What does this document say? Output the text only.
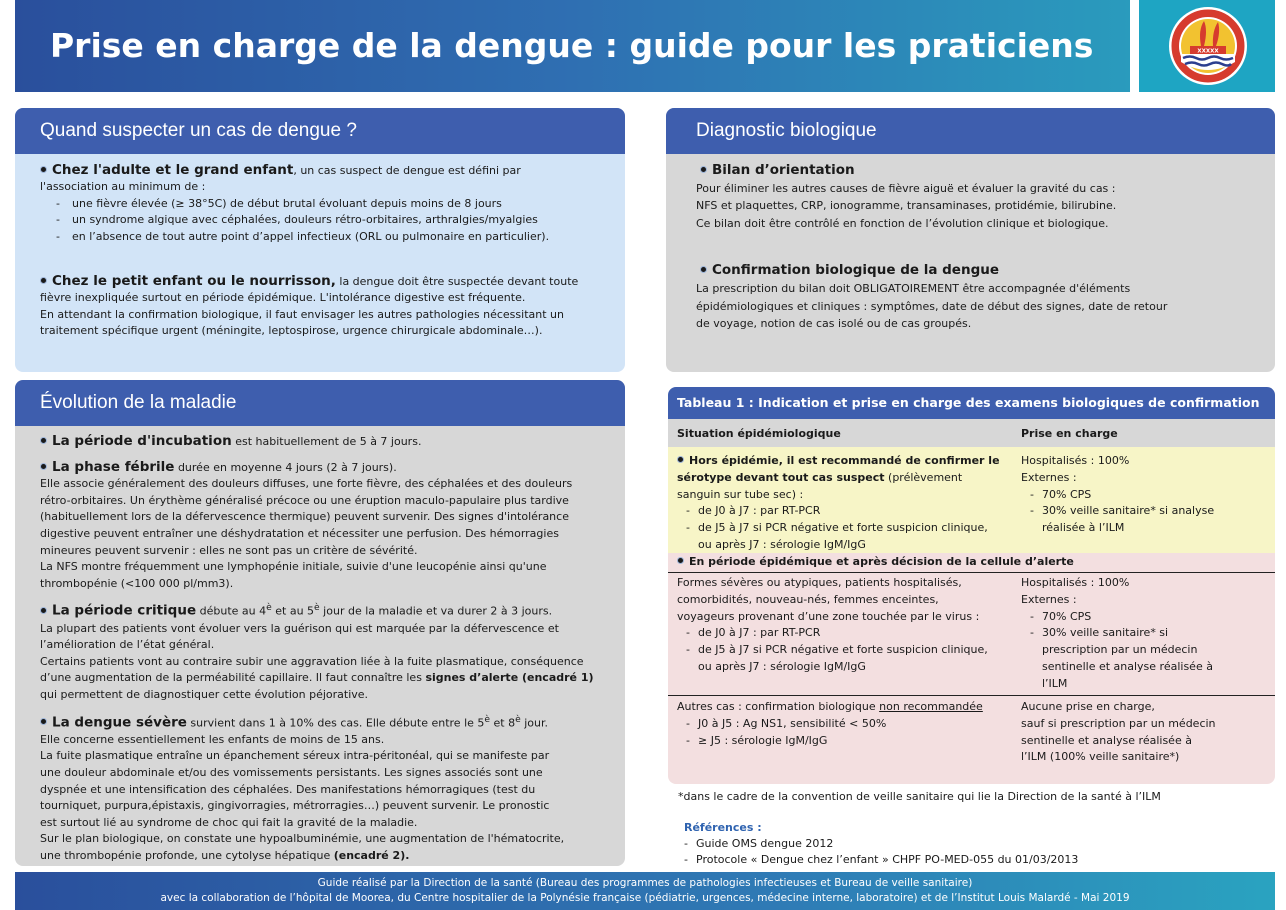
Prise en charge de la dengue : guide pour les praticiens	XXXXX
Quand suspecter un cas de dengue ?
Chez l'adulte et le grand enfant, un cas suspect de dengue est défini par
l'association au minimum de :
- une fièvre élevée (≥ 38°5C) de début brutal évoluant depuis moins de 8 jours
- un syndrome algique avec céphalées, douleurs rétro-orbitaires, arthralgies/myalgies
- en l’absence de tout autre point d’appel infectieux (ORL ou pulmonaire en particulier).
Chez le petit enfant ou le nourrisson, la dengue doit être suspectée devant toute
fièvre inexpliquée surtout en période épidémique. L'intolérance digestive est fréquente.
En attendant la confirmation biologique, il faut envisager les autres pathologies nécessitant un
traitement spécifique urgent (méningite, leptospirose, urgence chirurgicale abdominale…).
Évolution de la maladie
La période d'incubation est habituellement de 5 à 7 jours.
La phase fébrile durée en moyenne 4 jours (2 à 7 jours).
Elle associe généralement des douleurs diffuses, une forte fièvre, des céphalées et des douleurs
rétro-orbitaires. Un érythème généralisé précoce ou une éruption maculo-papulaire plus tardive
(habituellement lors de la défervescence thermique) peuvent survenir. Des signes d'intolérance
digestive peuvent entraîner une déshydratation et nécessiter une perfusion. Des hémorragies
mineures peuvent survenir : elles ne sont pas un critère de sévérité.
La NFS montre fréquemment une lymphopénie initiale, suivie d'une leucopénie ainsi qu'une
thrombopénie (<100 000 pl/mm3).
La période critique débute au $4^è$ et au $5^è$ jour de la maladie et va durer 2 à 3 jours.
La plupart des patients vont évoluer vers la guérison qui est marquée par la défervescence et
l’amélioration de l’état général.
Certains patients vont au contraire subir une aggravation liée à la fuite plasmatique, conséquence
d’une augmentation de la perméabilité capillaire. Il faut connaître les signes d’alerte (encadré 1)
qui permettent de diagnostiquer cette évolution péjorative.
La dengue sévère survient dans 1 à 10% des cas. Elle débute entre le $5^è$ et $8^è$ jour.
Elle concerne essentiellement les enfants de moins de 15 ans.
La fuite plasmatique entraîne un épanchement séreux intra-péritonéal, qui se manifeste par
une douleur abdominale et/ou des vomissements persistants. Les signes associés sont une
dyspnée et une intensification des céphalées. Des manifestations hémorragiques (test du
tourniquet, purpura,épistaxis, gingivorragies, métrorragies…) peuvent survenir. Le pronostic
est surtout lié au syndrome de choc qui fait la gravité de la maladie.
Sur le plan biologique, on constate une hypoalbuminémie, une augmentation de l'hématocrite,
une thrombopénie profonde, une cytolyse hépatique (encadré 2).
Diagnostic biologique
Bilan d’orientation
Pour éliminer les autres causes de fièvre aiguë et évaluer la gravité du cas :
NFS et plaquettes, CRP, ionogramme, transaminases, protidémie, bilirubine.
Ce bilan doit être contrôlé en fonction de l’évolution clinique et biologique.
Confirmation biologique de la dengue
La prescription du bilan doit OBLIGATOIREMENT être accompagnée d'éléments
épidémiologiques et cliniques : symptômes, date de début des signes, date de retour
de voyage, notion de cas isolé ou de cas groupés.
Tableau 1 : Indication et prise en charge des examens biologiques de confirmation
Situation épidémiologique	Prise en charge
Hors épidémie, il est recommandé de confirmer le
sérotype devant tout cas suspect (prélèvement
sanguin sur tube sec) :
- de J0 à J7 : par RT-PCR
- de J5 à J7 si PCR négative et forte suspicion clinique,
ou après J7 : sérologie IgM/IgG
Hospitalisés : 100%
Externes :
- 70% CPS
- 30% veille sanitaire* si analyse
réalisée à l’ILM
En période épidémique et après décision de la cellule d’alerte
Formes sévères ou atypiques, patients hospitalisés,
comorbidités, nouveau-nés, femmes enceintes,
voyageurs provenant d’une zone touchée par le virus :
- de J0 à J7 : par RT-PCR
- de J5 à J7 si PCR négative et forte suspicion clinique,
ou après J7 : sérologie IgM/IgG
Hospitalisés : 100%
Externes :
- 70% CPS
- 30% veille sanitaire* si
prescription par un médecin
sentinelle et analyse réalisée à
l’ILM
Autres cas : confirmation biologique non recommandée
- J0 à J5 : Ag NS1, sensibilité < 50%
- ≥ J5 : sérologie IgM/IgG
Aucune prise en charge,
sauf si prescription par un médecin
sentinelle et analyse réalisée à
l’ILM (100% veille sanitaire*)
*dans le cadre de la convention de veille sanitaire qui lie la Direction de la santé à l’ILM
Références :
- Guide OMS dengue 2012
- Protocole « Dengue chez l’enfant » CHPF PO-MED-055 du 01/03/2013
Guide réalisé par la Direction de la santé (Bureau des programmes de pathologies infectieuses et Bureau de veille sanitaire)
avec la collaboration de l’hôpital de Moorea, du Centre hospitalier de la Polynésie française (pédiatrie, urgences, médecine interne, laboratoire) et de l’Institut Louis Malardé - Mai 2019
